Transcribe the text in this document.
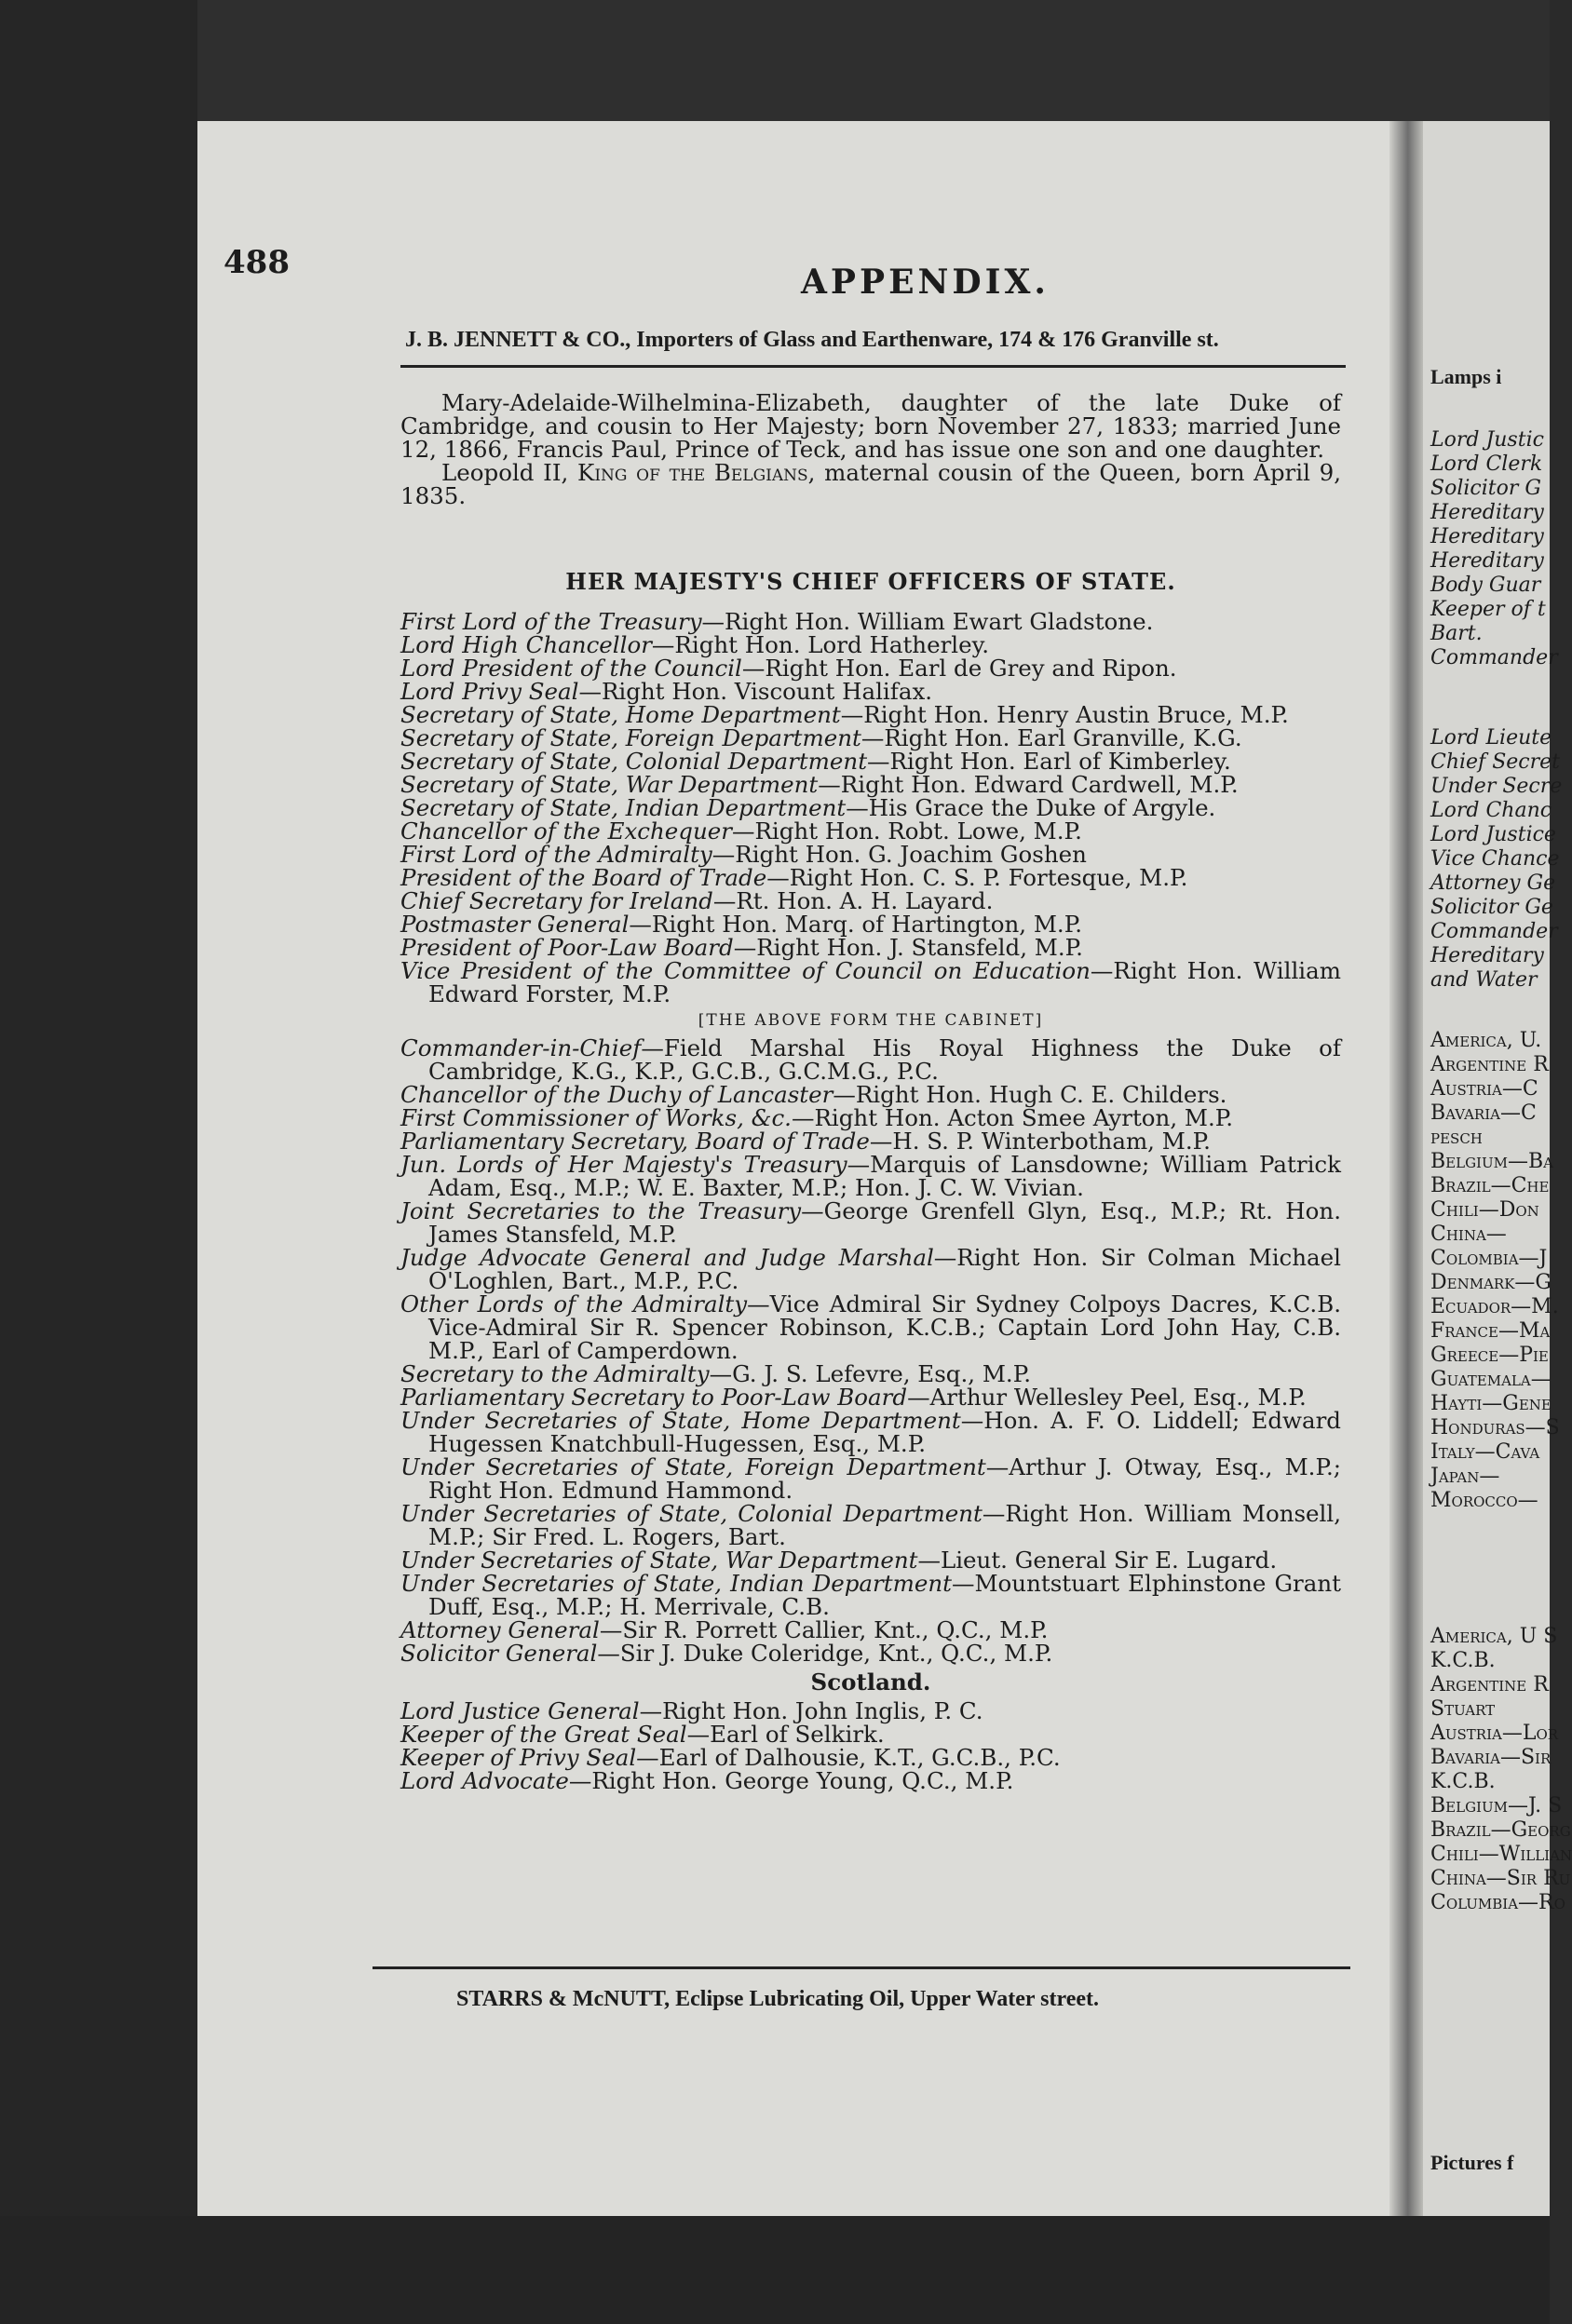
Lamps i
Lord Justic
Lord Clerk
Solicitor G
Hereditary
Hereditary
Hereditary
Body Guar
Keeper of t
Bart.
Commander
Lord Lieute
Chief Secret
Under Secre
Lord Chanc
Lord Justice
Vice Chance
Attorney Ge
Solicitor Ge
Commander
Hereditary
and Water
America, U.
Argentine R
Austria—C
Bavaria—C
pesch
Belgium—Ba
Brazil—Che
Chili—Don
China—
Colombia—J
Denmark—G
Ecuador—M.
France—Ma
Greece—Pie
Guatemala—
Hayti—Gene
Honduras—S
Italy—Cava
Japan—
Morocco—
America, U S
K.C.B.
Argentine R
Stuart
Austria—Lor
Bavaria—Sir
K.C.B.
Belgium—J. S
Brazil—Georg
Chili—Willian
China—Sir Ru
Columbia—Ro
Pictures f
488	APPENDIX.
J. B. JENNETT & CO., Importers of Glass and Earthenware, 174 & 176 Granville st.

Mary-Adelaide-Wilhelmina-Elizabeth, daughter of the late Duke of Cambridge, and cousin to Her Majesty; born November 27, 1833; married June 12, 1866, Francis Paul, Prince of Teck, and has issue one son and one daughter.

Leopold II, King of the Belgians, maternal cousin of the Queen, born April 9, 1835.

HER MAJESTY'S CHIEF OFFICERS OF STATE.

First Lord of the Treasury—Right Hon. William Ewart Gladstone.

Lord High Chancellor—Right Hon. Lord Hatherley.

Lord President of the Council—Right Hon. Earl de Grey and Ripon.

Lord Privy Seal—Right Hon. Viscount Halifax.

Secretary of State, Home Department—Right Hon. Henry Austin Bruce, M.P.

Secretary of State, Foreign Department—Right Hon. Earl Granville, K.G.

Secretary of State, Colonial Department—Right Hon. Earl of Kimberley.

Secretary of State, War Department—Right Hon. Edward Cardwell, M.P.

Secretary of State, Indian Department—His Grace the Duke of Argyle.

Chancellor of the Exchequer—Right Hon. Robt. Lowe, M.P.

First Lord of the Admiralty—Right Hon. G. Joachim Goshen

President of the Board of Trade—Right Hon. C. S. P. Fortesque, M.P.

Chief Secretary for Ireland—Rt. Hon. A. H. Layard.

Postmaster General—Right Hon. Marq. of Hartington, M.P.

President of Poor-Law Board—Right Hon. J. Stansfeld, M.P.

Vice President of the Committee of Council on Education—Right Hon. William Edward Forster, M.P.

[THE ABOVE FORM THE CABINET]

Commander-in-Chief—Field Marshal His Royal Highness the Duke of Cambridge, K.G., K.P., G.C.B., G.C.M.G., P.C.

Chancellor of the Duchy of Lancaster—Right Hon. Hugh C. E. Childers.

First Commissioner of Works, &c.—Right Hon. Acton Smee Ayrton, M.P.

Parliamentary Secretary, Board of Trade—H. S. P. Winterbotham, M.P.

Jun. Lords of Her Majesty's Treasury—Marquis of Lansdowne; William Patrick Adam, Esq., M.P.; W. E. Baxter, M.P.; Hon. J. C. W. Vivian.

Joint Secretaries to the Treasury—George Grenfell Glyn, Esq., M.P.; Rt. Hon. James Stansfeld, M.P.

Judge Advocate General and Judge Marshal—Right Hon. Sir Colman Michael O'Loghlen, Bart., M.P., P.C.

Other Lords of the Admiralty—Vice Admiral Sir Sydney Colpoys Dacres, K.C.B. Vice-Admiral Sir R. Spencer Robinson, K.C.B.; Captain Lord John Hay, C.B. M.P., Earl of Camperdown.

Secretary to the Admiralty—G. J. S. Lefevre, Esq., M.P.

Parliamentary Secretary to Poor-Law Board—Arthur Wellesley Peel, Esq., M.P.

Under Secretaries of State, Home Department—Hon. A. F. O. Liddell; Edward Hugessen Knatchbull-Hugessen, Esq., M.P.

Under Secretaries of State, Foreign Department—Arthur J. Otway, Esq., M.P.; Right Hon. Edmund Hammond.

Under Secretaries of State, Colonial Department—Right Hon. William Monsell, M.P.; Sir Fred. L. Rogers, Bart.

Under Secretaries of State, War Department—Lieut. General Sir E. Lugard.

Under Secretaries of State, Indian Department—Mountstuart Elphinstone Grant Duff, Esq., M.P.; H. Merrivale, C.B.

Attorney General—Sir R. Porrett Callier, Knt., Q.C., M.P.

Solicitor General—Sir J. Duke Coleridge, Knt., Q.C., M.P.

Scotland.

Lord Justice General—Right Hon. John Inglis, P. C.

Keeper of the Great Seal—Earl of Selkirk.

Keeper of Privy Seal—Earl of Dalhousie, K.T., G.C.B., P.C.

Lord Advocate—Right Hon. George Young, Q.C., M.P.

STARRS & McNUTT, Eclipse Lubricating Oil, Upper Water street.
